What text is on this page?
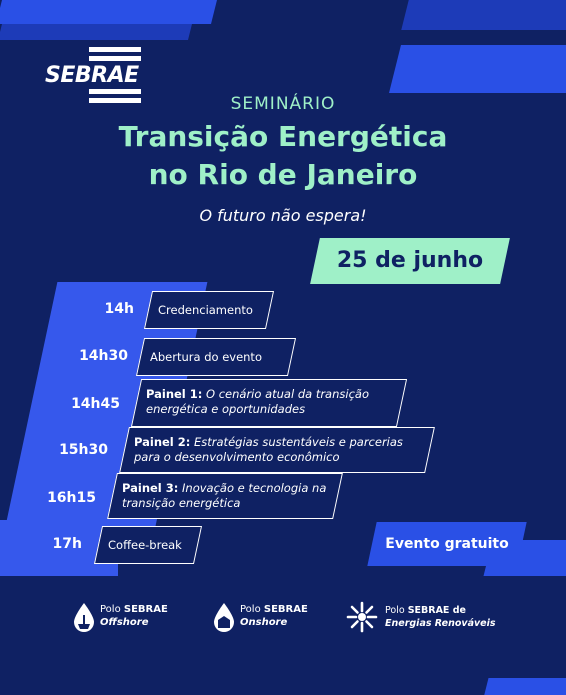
SEBRAE
SEMINÁRIO
Transição Energética
no Rio de Janeiro
O futuro não espera!
25 de junho
14h Credenciamento
14h30 Abertura do evento
14h45
Painel 1: O cenário atual da transição
energética e oportunidades
15h30 Painel 2: Estratégias sustentáveis e parcerias
para o desenvolvimento econômico
16h15
Painel 3: Inovação e tecnologia na
transição energética
17h Coffee-break	Evento gratuito
Polo SEBRAE
Offshore
Polo SEBRAE
Onshore
Polo SEBRAE de
Energias Renováveis
